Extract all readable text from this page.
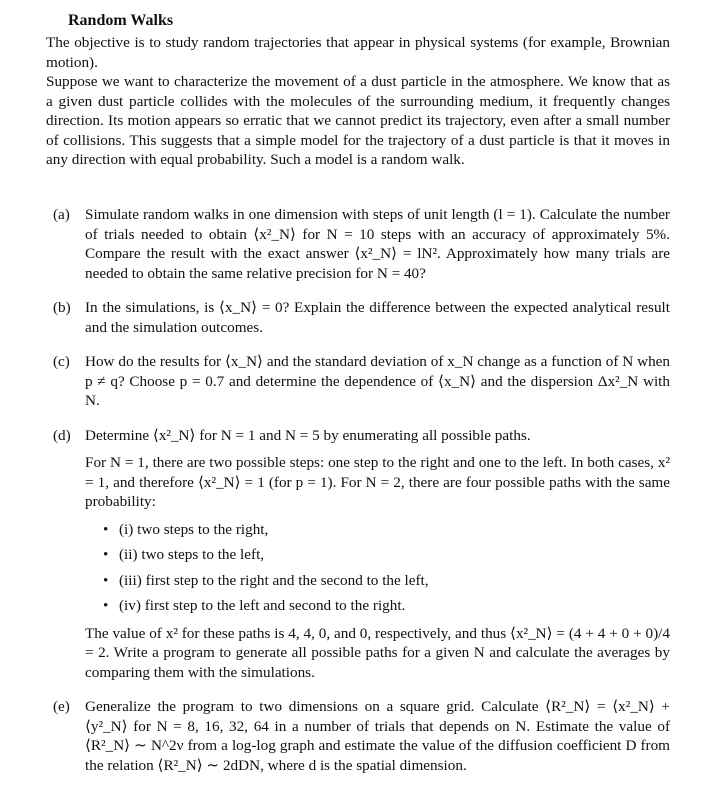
Random Walks

The objective is to study random trajectories that appear in physical systems (for example, Brownian motion).

Suppose we want to characterize the movement of a dust particle in the atmosphere. We know that as a given dust particle collides with the molecules of the surrounding medium, it frequently changes direction. Its motion appears so erratic that we cannot predict its trajectory, even after a small number of collisions. This suggests that a simple model for the trajectory of a dust particle is that it moves in any direction with equal probability. Such a model is a random walk.

(a) Simulate random walks in one dimension with steps of unit length (l = 1). Calculate the number of trials needed to obtain ⟨x²_N⟩ for N = 10 steps with an accuracy of approximately 5%. Compare the result with the exact answer ⟨x²_N⟩ = lN². Approximately how many trials are needed to obtain the same relative precision for N = 40?

(b) In the simulations, is ⟨x_N⟩ = 0? Explain the difference between the expected analytical result and the simulation outcomes.

(c) How do the results for ⟨x_N⟩ and the standard deviation of x_N change as a function of N when p ≠ q? Choose p = 0.7 and determine the dependence of ⟨x_N⟩ and the dispersion Δx²_N with N.

(d) Determine ⟨x²_N⟩ for N = 1 and N = 5 by enumerating all possible paths.

For N = 1, there are two possible steps: one step to the right and one to the left. In both cases, x² = 1, and therefore ⟨x²_N⟩ = 1 (for p = 1). For N = 2, there are four possible paths with the same probability:

• (i) two steps to the right,
• (ii) two steps to the left,
• (iii) first step to the right and the second to the left,
• (iv) first step to the left and second to the right.

The value of x² for these paths is 4, 4, 0, and 0, respectively, and thus ⟨x²_N⟩ = (4 + 4 + 0 + 0)/4 = 2. Write a program to generate all possible paths for a given N and calculate the averages by comparing them with the simulations.

(e) Generalize the program to two dimensions on a square grid. Calculate ⟨R²_N⟩ = ⟨x²_N⟩ + ⟨y²_N⟩ for N = 8, 16, 32, 64 in a number of trials that depends on N. Estimate the value of ⟨R²_N⟩ ∼ N^2ν from a log-log graph and estimate the value of the diffusion coefficient D from the relation ⟨R²_N⟩ ∼ 2dDN, where d is the spatial dimension.
